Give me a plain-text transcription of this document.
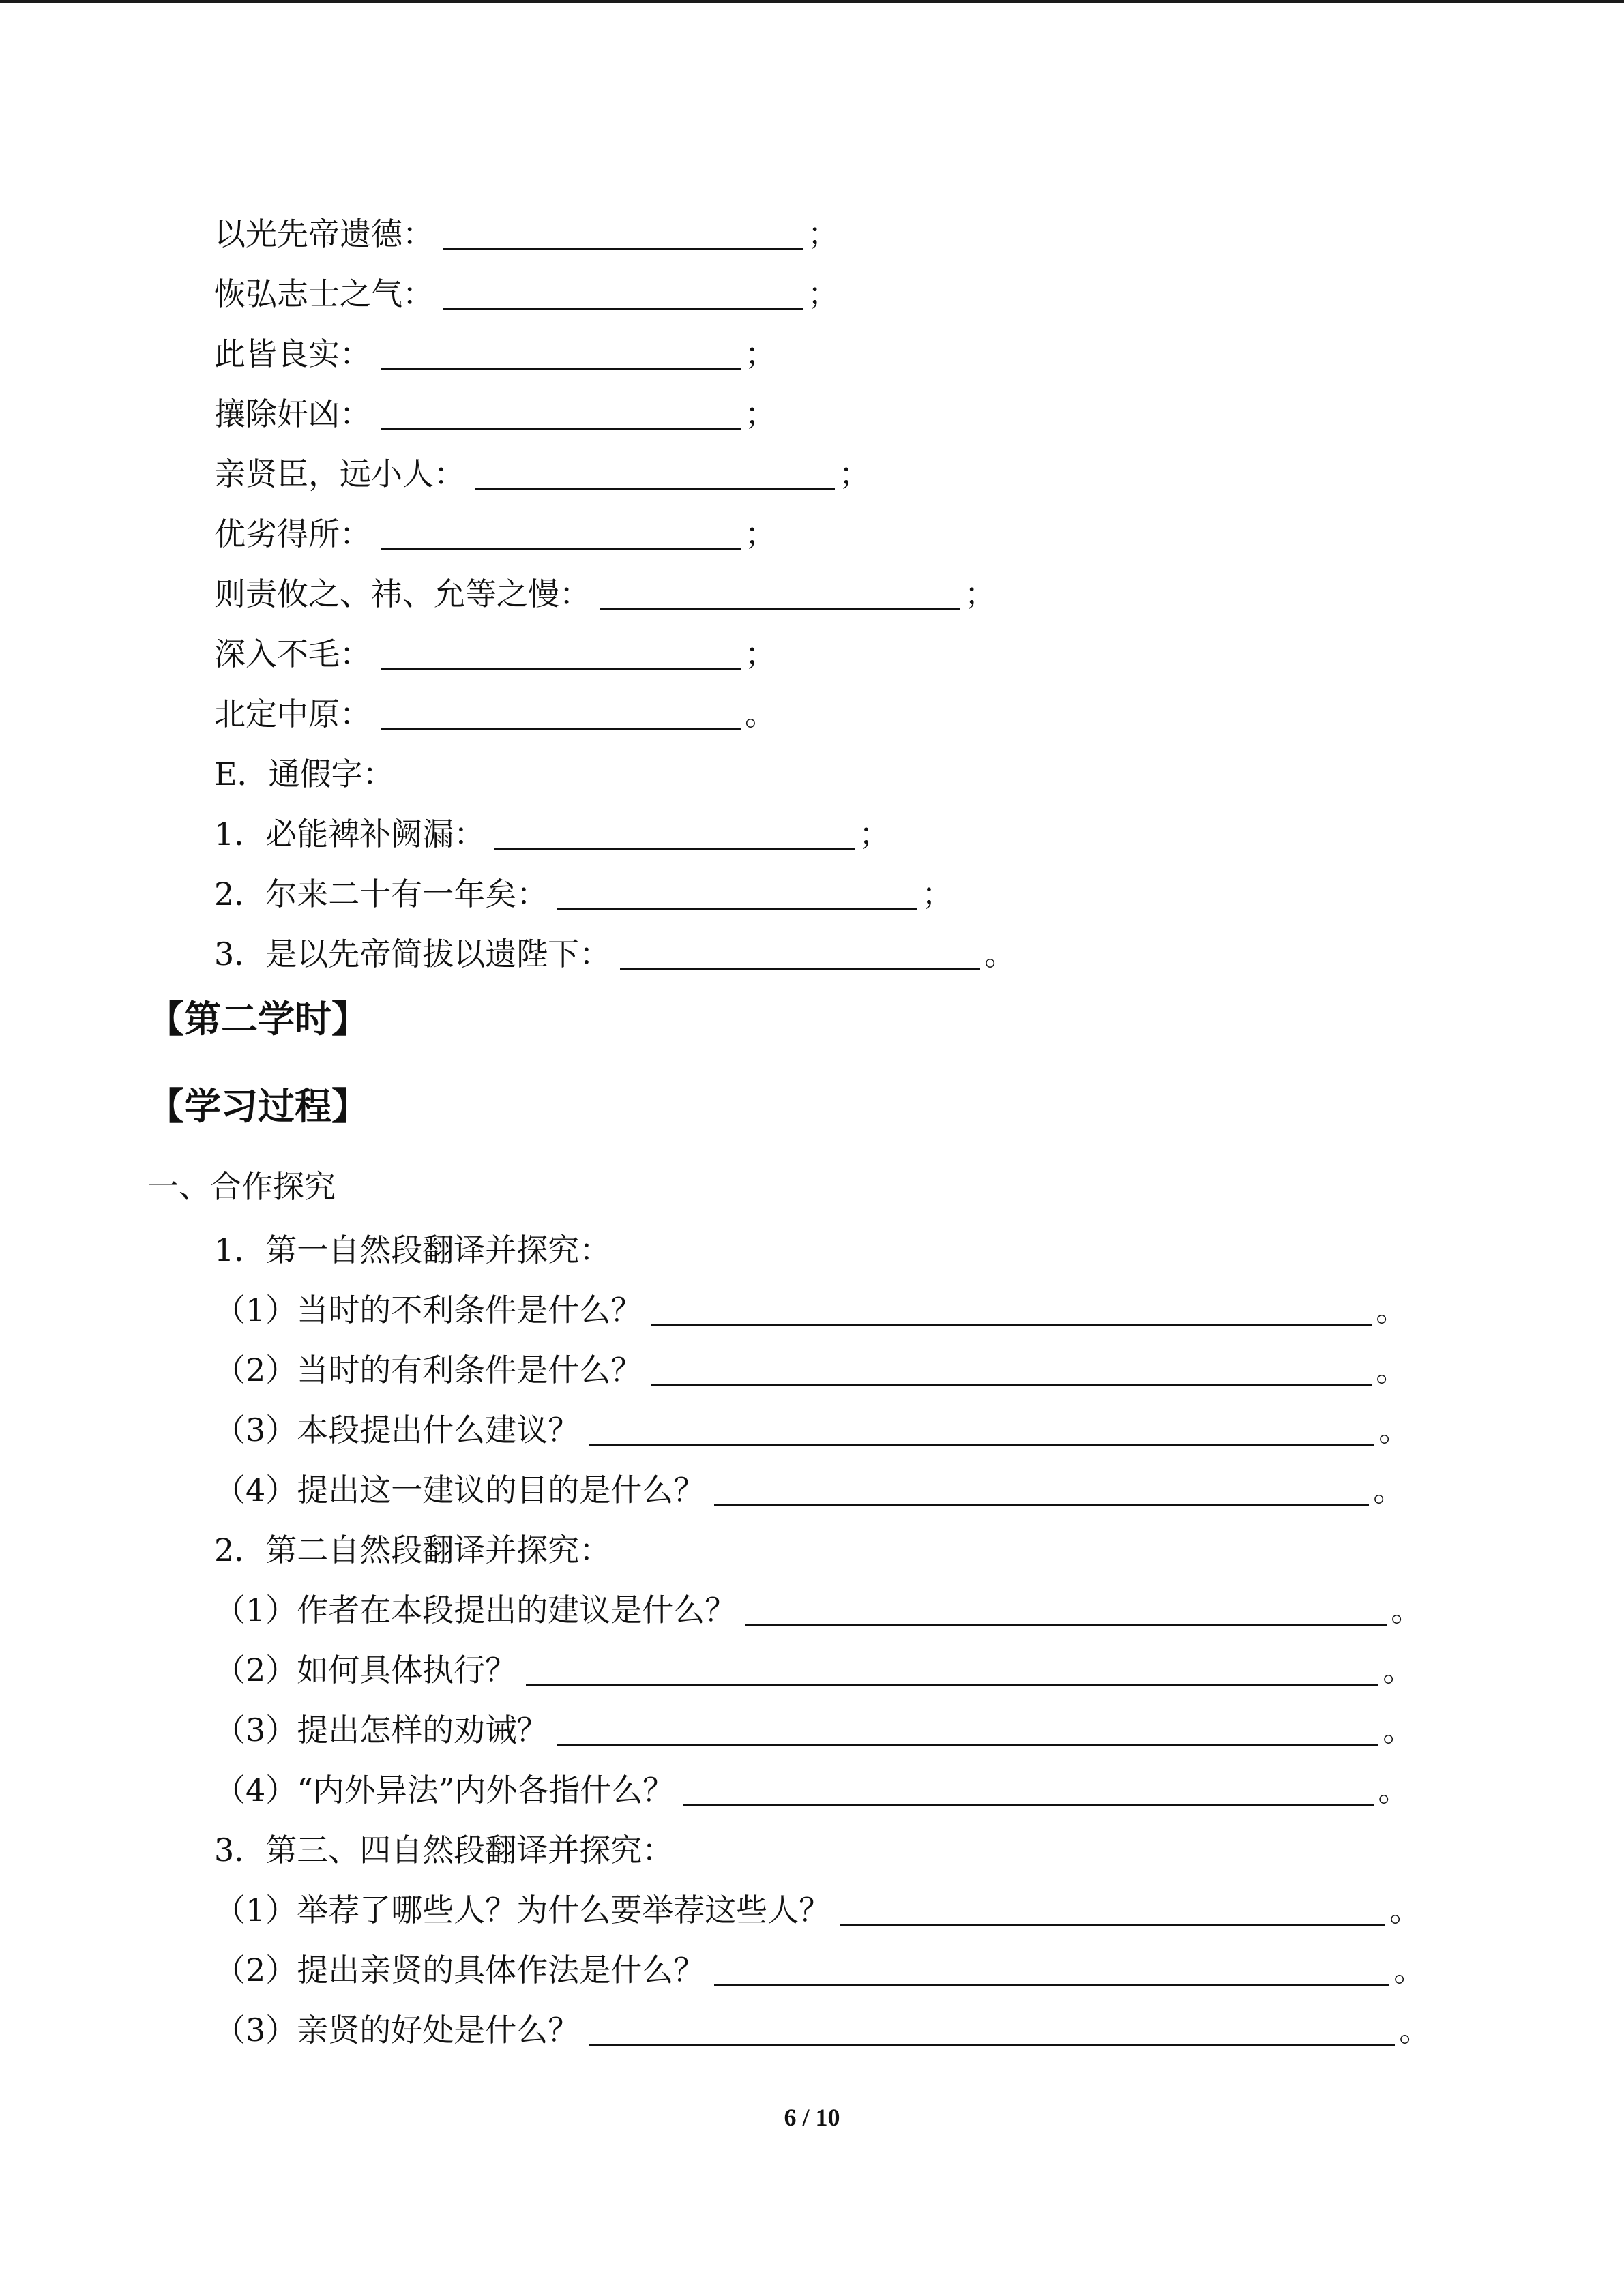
以光先帝遗德：	；
恢弘志士之气：	；
此皆良实：	；
攘除奸凶：	；
亲贤臣，远小人：	；
优劣得所：	；
则责攸之、祎、允等之慢：	；
深入不毛：	；
北定中原：	。
E．通假字：
1．必能裨补阙漏：	；
2．尔来二十有一年矣：	；
3．是以先帝简拔以遗陛下：	。
【第二学时】
【学习过程】
一、合作探究
1．第一自然段翻译并探究：
（1）当时的不利条件是什么？	。
（2）当时的有利条件是什么？	。
（3）本段提出什么建议？	。
（4）提出这一建议的目的是什么？	。
2．第二自然段翻译并探究：
（1）作者在本段提出的建议是什么？	。
（2）如何具体执行？	。
（3）提出怎样的劝诫？	。
（4）“内外异法”内外各指什么？	。
3．第三、四自然段翻译并探究：
（1）举荐了哪些人？为什么要举荐这些人？	。
（2）提出亲贤的具体作法是什么？	。
（3）亲贤的好处是什么？	。
6 / 10
